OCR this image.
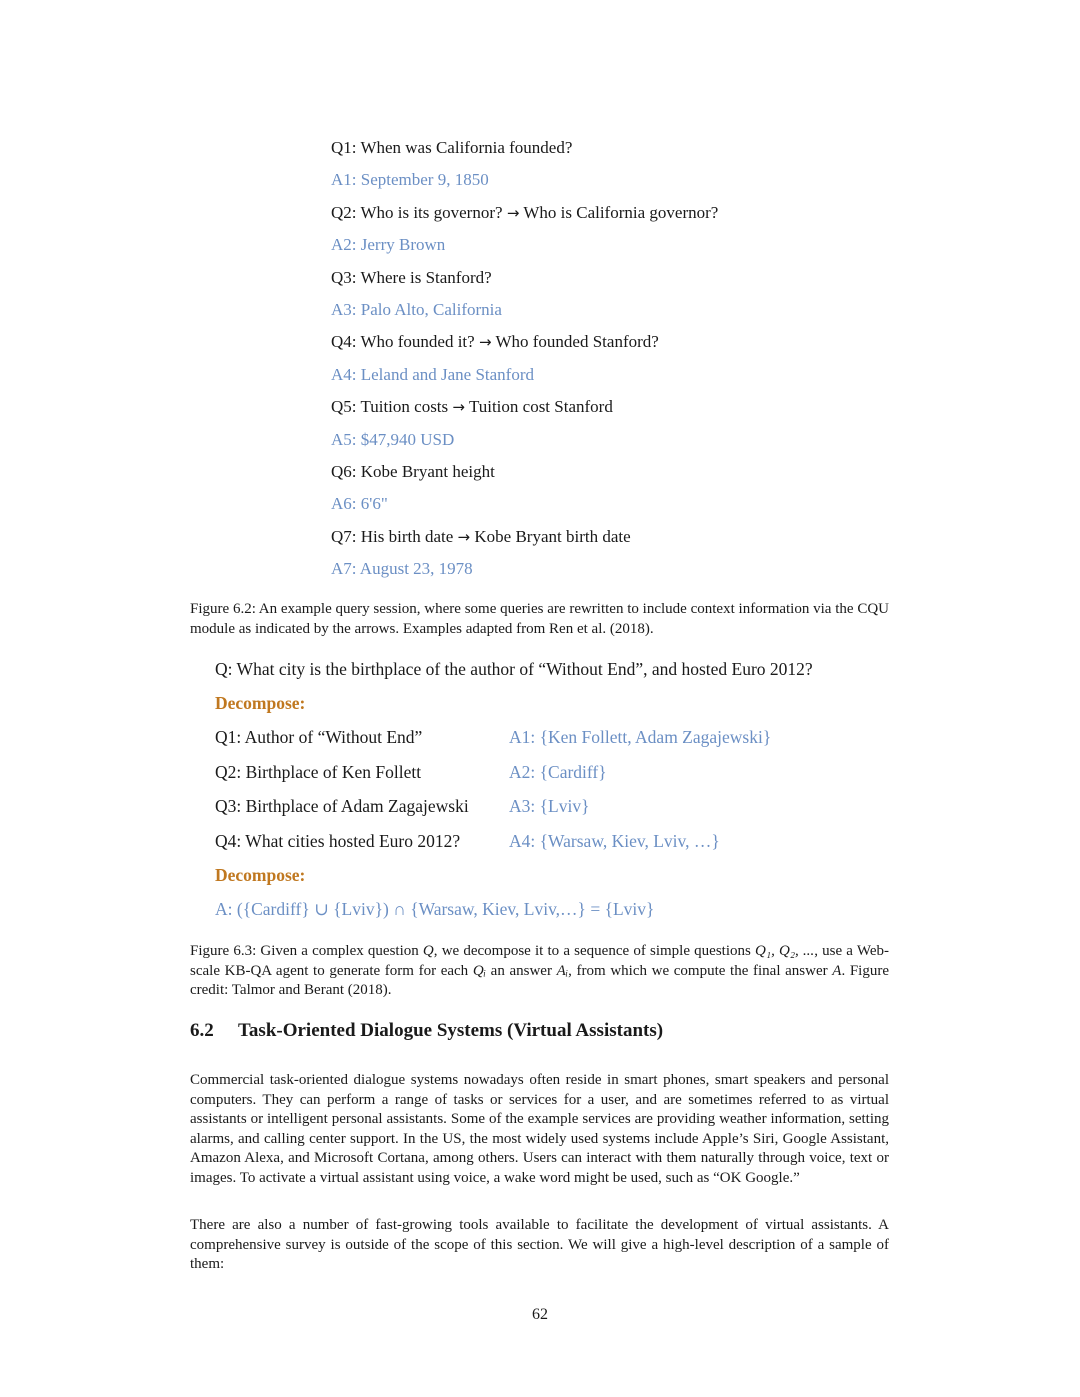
Q1: When was California founded?
A1: September 9, 1850
Q2: Who is its governor? → Who is California governor?
A2: Jerry Brown
Q3: Where is Stanford?
A3: Palo Alto, California
Q4: Who founded it? → Who founded Stanford?
A4: Leland and Jane Stanford
Q5: Tuition costs → Tuition cost Stanford
A5: $47,940 USD
Q6: Kobe Bryant height
A6: 6'6"
Q7: His birth date → Kobe Bryant birth date
A7: August 23, 1978
Figure 6.2: An example query session, where some queries are rewritten to include context information via the CQU module as indicated by the arrows. Examples adapted from Ren et al. (2018).
Q: What city is the birthplace of the author of “Without End”, and hosted Euro 2012?
Decompose:
Q1: Author of “Without End”	A1: {Ken Follett, Adam Zagajewski}
Q2: Birthplace of Ken Follett	A2: {Cardiff}
Q3: Birthplace of Adam Zagajewski A3: {Lviv}
Q4: What cities hosted Euro 2012?	A4: {Warsaw, Kiev, Lviv, …}
Decompose:
A: ({Cardiff} ∪ {Lviv}) ∩ {Warsaw, Kiev, Lviv,…} = {Lviv}
Figure 6.3: Given a complex question Q, we decompose it to a sequence of simple questions Q₁, Q₂, ..., use a Web-scale KB-QA agent to generate form for each Qᵢ an answer Aᵢ, from which we compute the final answer A. Figure credit: Talmor and Berant (2018).
6.2 Task-Oriented Dialogue Systems (Virtual Assistants)

Commercial task-oriented dialogue systems nowadays often reside in smart phones, smart speakers and personal computers. They can perform a range of tasks or services for a user, and are sometimes referred to as virtual assistants or intelligent personal assistants. Some of the example services are providing weather information, setting alarms, and calling center support. In the US, the most widely used systems include Apple’s Siri, Google Assistant, Amazon Alexa, and Microsoft Cortana, among others. Users can interact with them naturally through voice, text or images. To activate a virtual assistant using voice, a wake word might be used, such as “OK Google.”

There are also a number of fast-growing tools available to facilitate the development of virtual assistants. A comprehensive survey is outside of the scope of this section. We will give a high-level description of a sample of them:

62
